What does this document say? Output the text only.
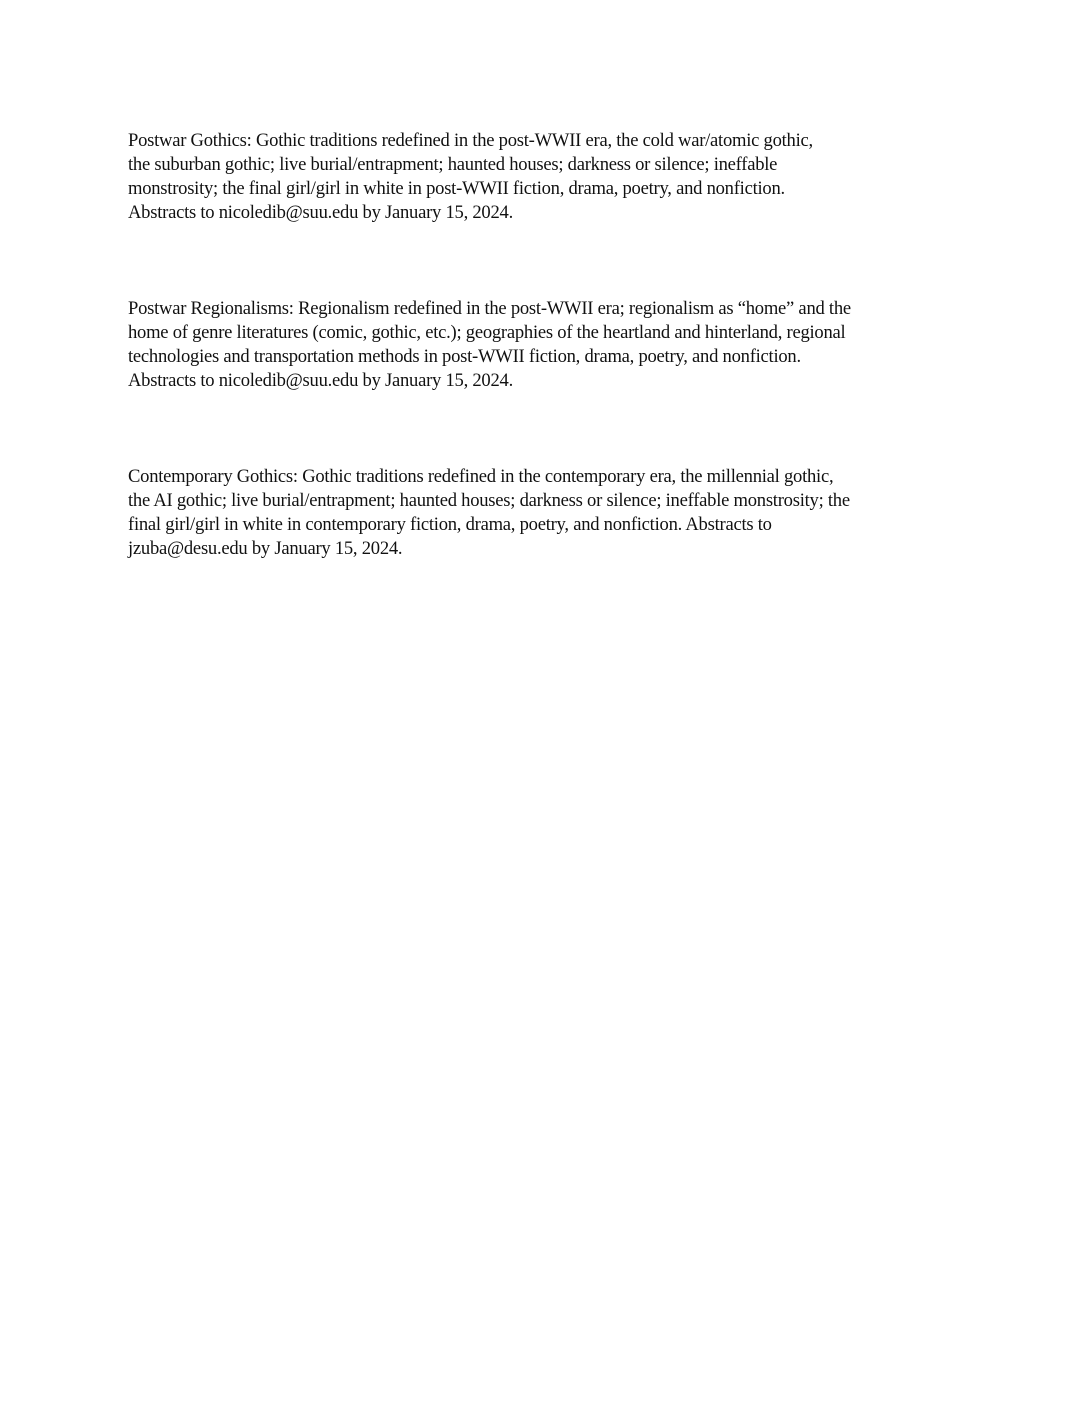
Postwar Gothics: Gothic traditions redefined in the post-WWII era, the cold war/atomic gothic,
the suburban gothic; live burial/entrapment; haunted houses; darkness or silence; ineffable
monstrosity; the final girl/girl in white in post-WWII fiction, drama, poetry, and nonfiction.
Abstracts to nicoledib@suu.edu by January 15, 2024.
Postwar Regionalisms: Regionalism redefined in the post-WWII era; regionalism as “home” and the
home of genre literatures (comic, gothic, etc.); geographies of the heartland and hinterland, regional
technologies and transportation methods in post-WWII fiction, drama, poetry, and nonfiction.
Abstracts to nicoledib@suu.edu by January 15, 2024.
Contemporary Gothics: Gothic traditions redefined in the contemporary era, the millennial gothic,
the AI gothic; live burial/entrapment; haunted houses; darkness or silence; ineffable monstrosity; the
final girl/girl in white in contemporary fiction, drama, poetry, and nonfiction. Abstracts to
jzuba@desu.edu by January 15, 2024.
